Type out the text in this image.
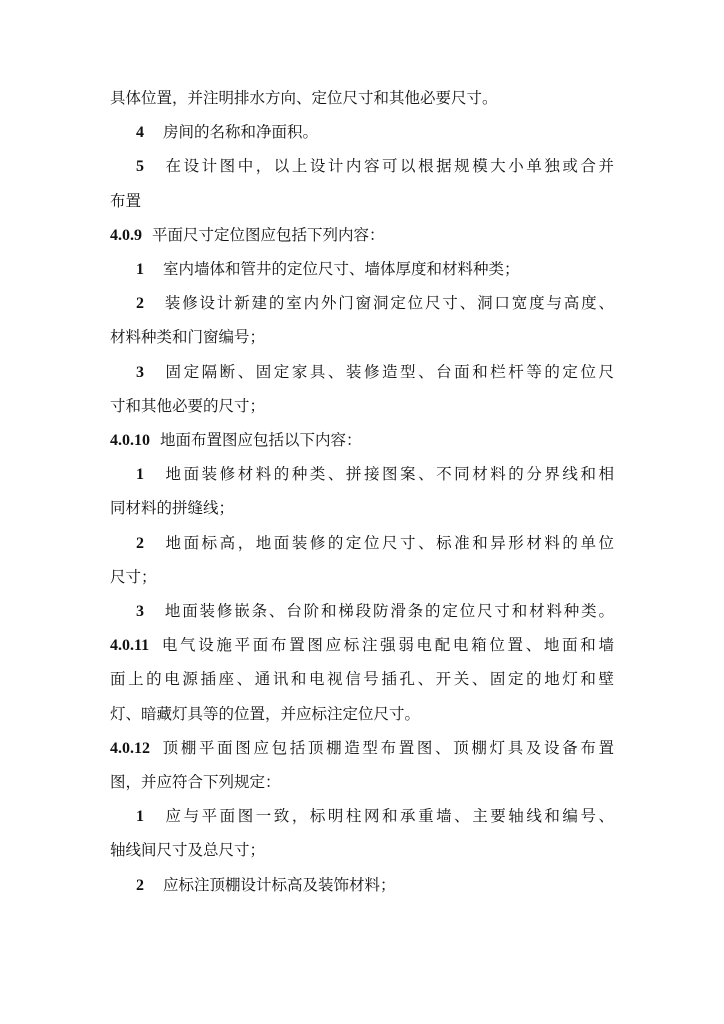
具体位置，并注明排水方向、定位尺寸和其他必要尺寸。
4 房间的名称和净面积。
5 在设计图中，以上设计内容可以根据规模大小单独或合并
布置
4.0.9 平面尺寸定位图应包括下列内容：
1 室内墙体和管井的定位尺寸、墙体厚度和材料种类；
2 装修设计新建的室内外门窗洞定位尺寸、洞口宽度与高度、
材料种类和门窗编号；
3 固定隔断、固定家具、装修造型、台面和栏杆等的定位尺
寸和其他必要的尺寸；
4.0.10 地面布置图应包括以下内容：
1 地面装修材料的种类、拼接图案、不同材料的分界线和相
同材料的拼缝线；
2 地面标高，地面装修的定位尺寸、标准和异形材料的单位
尺寸；
3 地面装修嵌条、台阶和梯段防滑条的定位尺寸和材料种类。
4.0.11 电气设施平面布置图应标注强弱电配电箱位置、地面和墙
面上的电源插座、通讯和电视信号插孔、开关、固定的地灯和壁
灯、暗藏灯具等的位置，并应标注定位尺寸。
4.0.12 顶棚平面图应包括顶棚造型布置图、顶棚灯具及设备布置
图，并应符合下列规定：
1 应与平面图一致，标明柱网和承重墙、主要轴线和编号、
轴线间尺寸及总尺寸；
2 应标注顶棚设计标高及装饰材料；
